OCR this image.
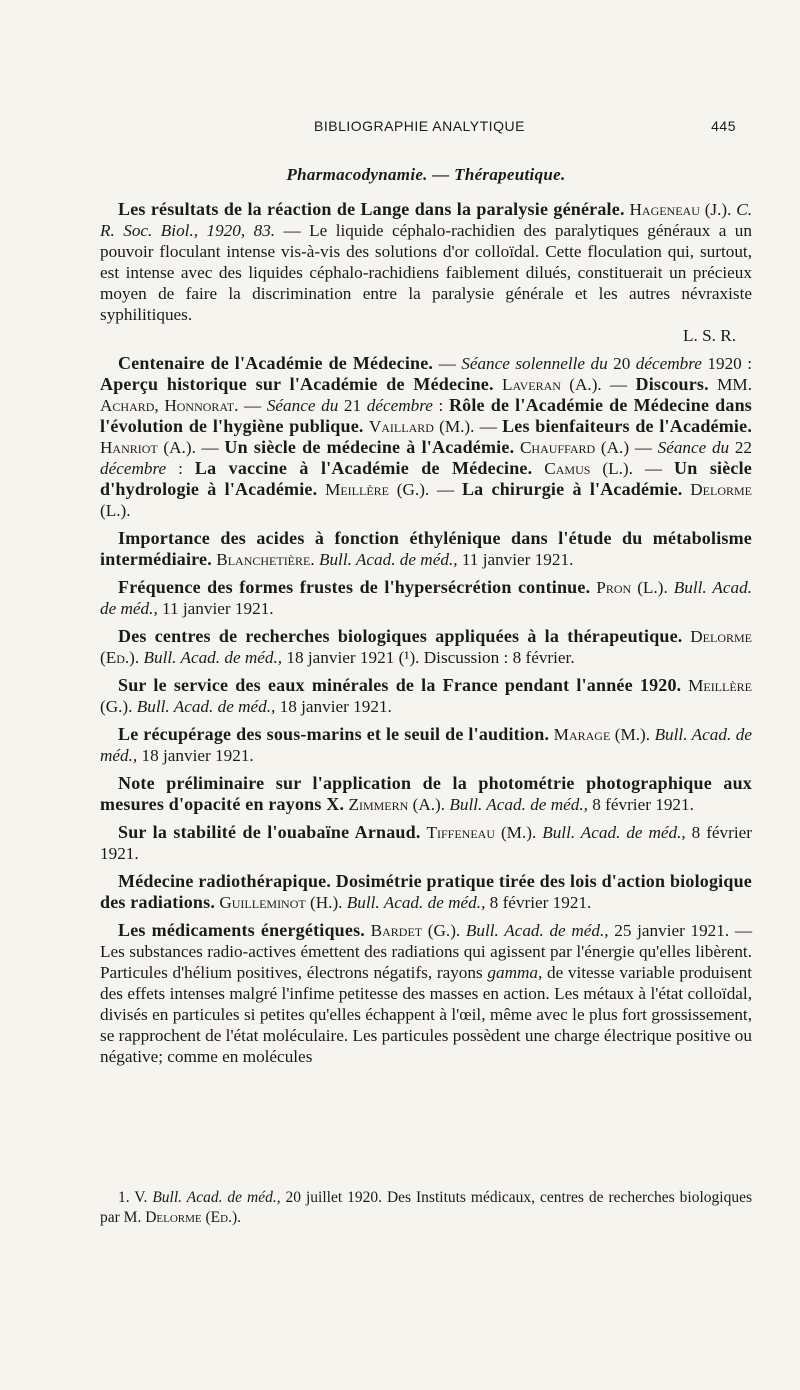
BIBLIOGRAPHIE ANALYTIQUE	445
Pharmacodynamie. — Thérapeutique.

Les résultats de la réaction de Lange dans la paralysie générale. Hageneau (J.). C. R. Soc. Biol., 1920, 83. — Le liquide céphalo-rachidien des paralytiques généraux a un pouvoir floculant intense vis-à-vis des solutions d'or colloïdal. Cette floculation qui, surtout, est intense avec des liquides céphalo-rachidiens faiblement dilués, constituerait un précieux moyen de faire la discrimination entre la paralysie générale et les autres névraxiste syphilitiques.
L. S. R.

Centenaire de l'Académie de Médecine. — Séance solennelle du 20 décembre 1920 : Aperçu historique sur l'Académie de Médecine. Laveran (A.). — Discours. MM. Achard, Honnorat. — Séance du 21 décembre : Rôle de l'Académie de Médecine dans l'évolution de l'hygiène publique. Vaillard (M.). — Les bienfaiteurs de l'Académie. Hanriot (A.). — Un siècle de médecine à l'Académie. Chauffard (A.) — Séance du 22 décembre : La vaccine à l'Académie de Médecine. Camus (L.). — Un siècle d'hydrologie à l'Académie. Meillère (G.). — La chirurgie à l'Académie. Delorme (L.).

Importance des acides à fonction éthylénique dans l'étude du métabolisme intermédiaire. Blanchetière. Bull. Acad. de méd., 11 janvier 1921.

Fréquence des formes frustes de l'hypersécrétion continue. Pron (L.). Bull. Acad. de méd., 11 janvier 1921.

Des centres de recherches biologiques appliquées à la thérapeutique. Delorme (Ed.). Bull. Acad. de méd., 18 janvier 1921 (¹). Discussion : 8 février.

Sur le service des eaux minérales de la France pendant l'année 1920. Meillère (G.). Bull. Acad. de méd., 18 janvier 1921.

Le récupérage des sous-marins et le seuil de l'audition. Marage (M.). Bull. Acad. de méd., 18 janvier 1921.

Note préliminaire sur l'application de la photométrie photographique aux mesures d'opacité en rayons X. Zimmern (A.). Bull. Acad. de méd., 8 février 1921.

Sur la stabilité de l'ouabaïne Arnaud. Tiffeneau (M.). Bull. Acad. de méd., 8 février 1921.

Médecine radiothérapique. Dosimétrie pratique tirée des lois d'action biologique des radiations. Guilleminot (H.). Bull. Acad. de méd., 8 février 1921.

Les médicaments énergétiques. Bardet (G.). Bull. Acad. de méd., 25 janvier 1921. — Les substances radio-actives émettent des radiations qui agissent par l'énergie qu'elles libèrent. Particules d'hélium positives, électrons négatifs, rayons gamma, de vitesse variable produisent des effets intenses malgré l'infime petitesse des masses en action. Les métaux à l'état colloïdal, divisés en particules si petites qu'elles échappent à l'œil, même avec le plus fort grossissement, se rapprochent de l'état moléculaire. Les particules possèdent une charge électrique positive ou négative; comme en molécules

1. V. Bull. Acad. de méd., 20 juillet 1920. Des Instituts médicaux, centres de recherches biologiques par M. Delorme (Ed.).
